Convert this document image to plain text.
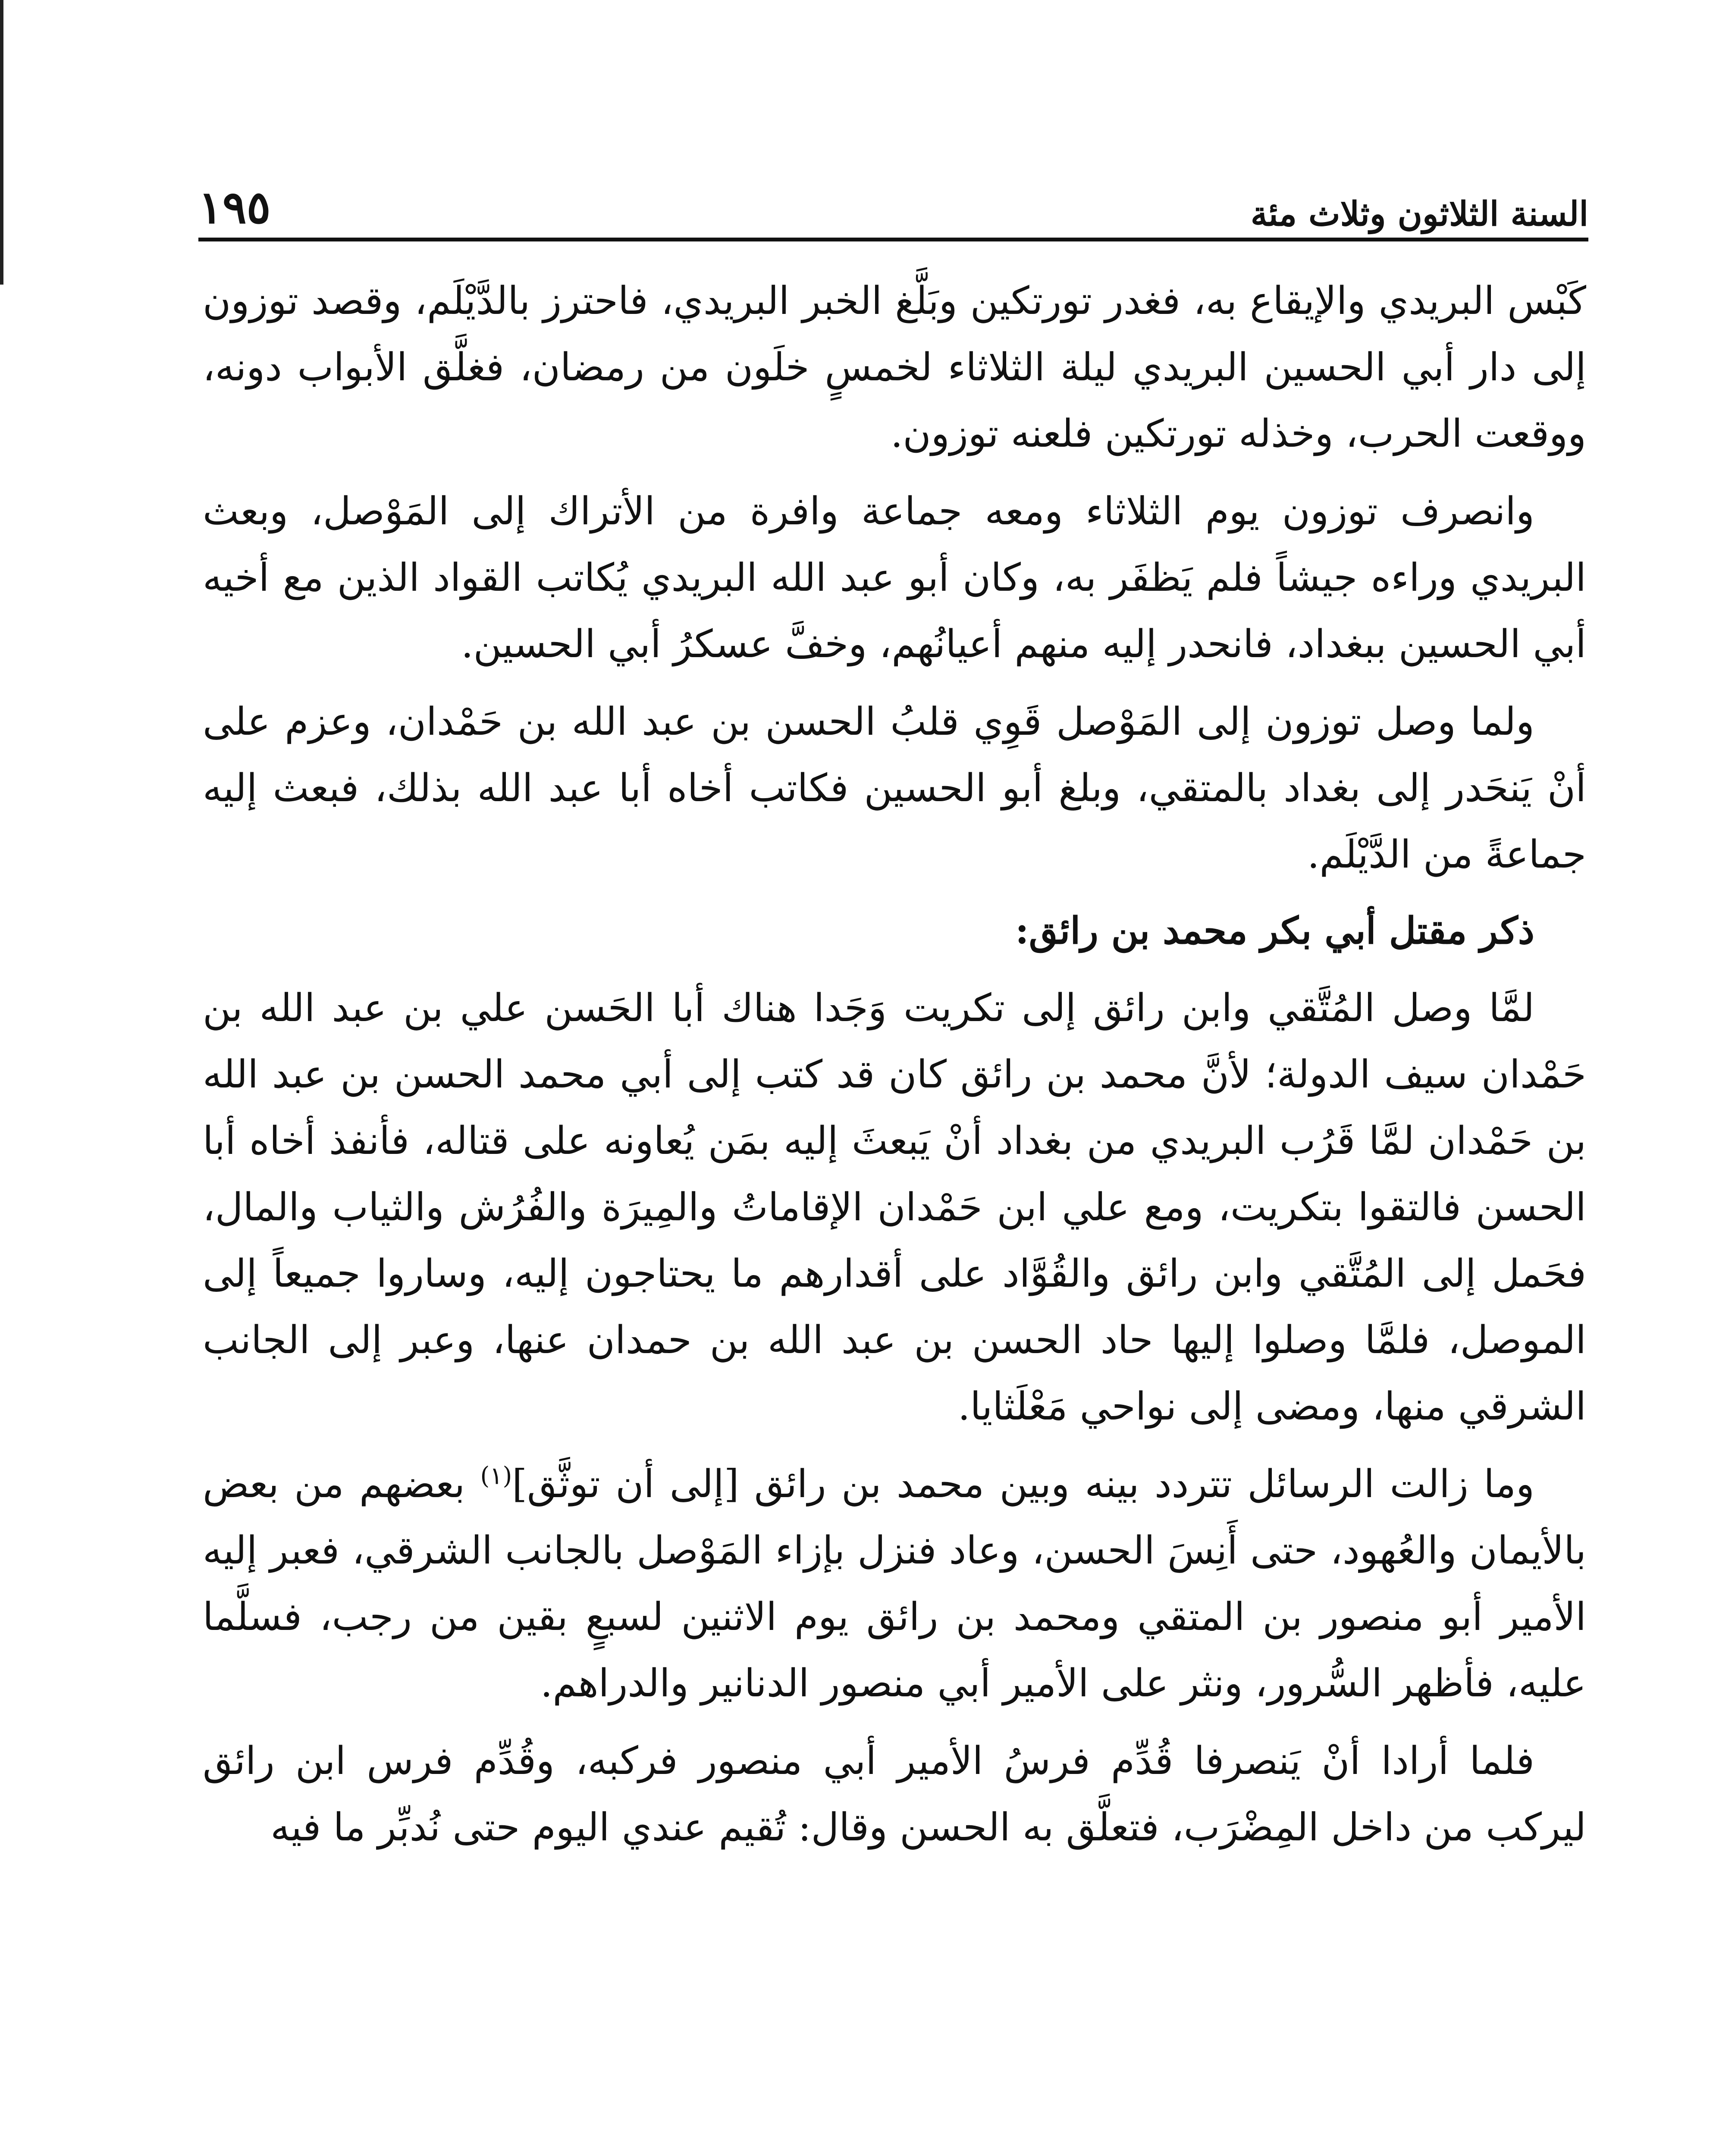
السنة الثلاثون وثلاث مئة
١٩٥

كَبْس البريدي والإيقاع به، فغدر تورتكين وبَلَّغ الخبر البريدي، فاحترز بالدَّيْلَم، وقصد توزون إلى دار أبي الحسين البريدي ليلة الثلاثاء لخمسٍ خلَون من رمضان، فغلَّق الأبواب دونه، ووقعت الحرب، وخذله تورتكين فلعنه توزون.

وانصرف توزون يوم الثلاثاء ومعه جماعة وافرة من الأتراك إلى المَوْصل، وبعث البريدي وراءه جيشاً فلم يَظفَر به، وكان أبو عبد الله البريدي يُكاتب القواد الذين مع أخيه أبي الحسين ببغداد، فانحدر إليه منهم أعيانُهم، وخفَّ عسكرُ أبي الحسين.

ولما وصل توزون إلى المَوْصل قَوِي قلبُ الحسن بن عبد الله بن حَمْدان، وعزم على أنْ يَنحَدر إلى بغداد بالمتقي، وبلغ أبو الحسين فكاتب أخاه أبا عبد الله بذلك، فبعث إليه جماعةً من الدَّيْلَم.

ذكر مقتل أبي بكر محمد بن رائق:

لمَّا وصل المُتَّقي وابن رائق إلى تكريت وَجَدا هناك أبا الحَسن علي بن عبد الله بن حَمْدان سيف الدولة؛ لأنَّ محمد بن رائق كان قد كتب إلى أبي محمد الحسن بن عبد الله بن حَمْدان لمَّا قَرُب البريدي من بغداد أنْ يَبعثَ إليه بمَن يُعاونه على قتاله، فأنفذ أخاه أبا الحسن فالتقوا بتكريت، ومع علي ابن حَمْدان الإقاماتُ والمِيرَة والفُرُش والثياب والمال، فحَمل إلى المُتَّقي وابن رائق والقُوَّاد على أقدارهم ما يحتاجون إليه، وساروا جميعاً إلى الموصل، فلمَّا وصلوا إليها حاد الحسن بن عبد الله بن حمدان عنها، وعبر إلى الجانب الشرقي منها، ومضى إلى نواحي مَعْلَثايا.

وما زالت الرسائل تتردد بينه وبين محمد بن رائق [إلى أن توثَّق]$^{(١)}$ بعضهم من بعض بالأيمان والعُهود، حتى أَنِسَ الحسن، وعاد فنزل بإزاء المَوْصل بالجانب الشرقي، فعبر إليه الأمير أبو منصور بن المتقي ومحمد بن رائق يوم الاثنين لسبعٍ بقين من رجب، فسلَّما عليه، فأظهر السُّرور، ونثر على الأمير أبي منصور الدنانير والدراهم.

فلما أرادا أنْ يَنصرفا قُدِّم فرسُ الأمير أبي منصور فركبه، وقُدِّم فرس ابن رائق ليركب من داخل المِضْرَب، فتعلَّق به الحسن وقال: تُقيم عندي اليوم حتى نُدبِّر ما فيه
